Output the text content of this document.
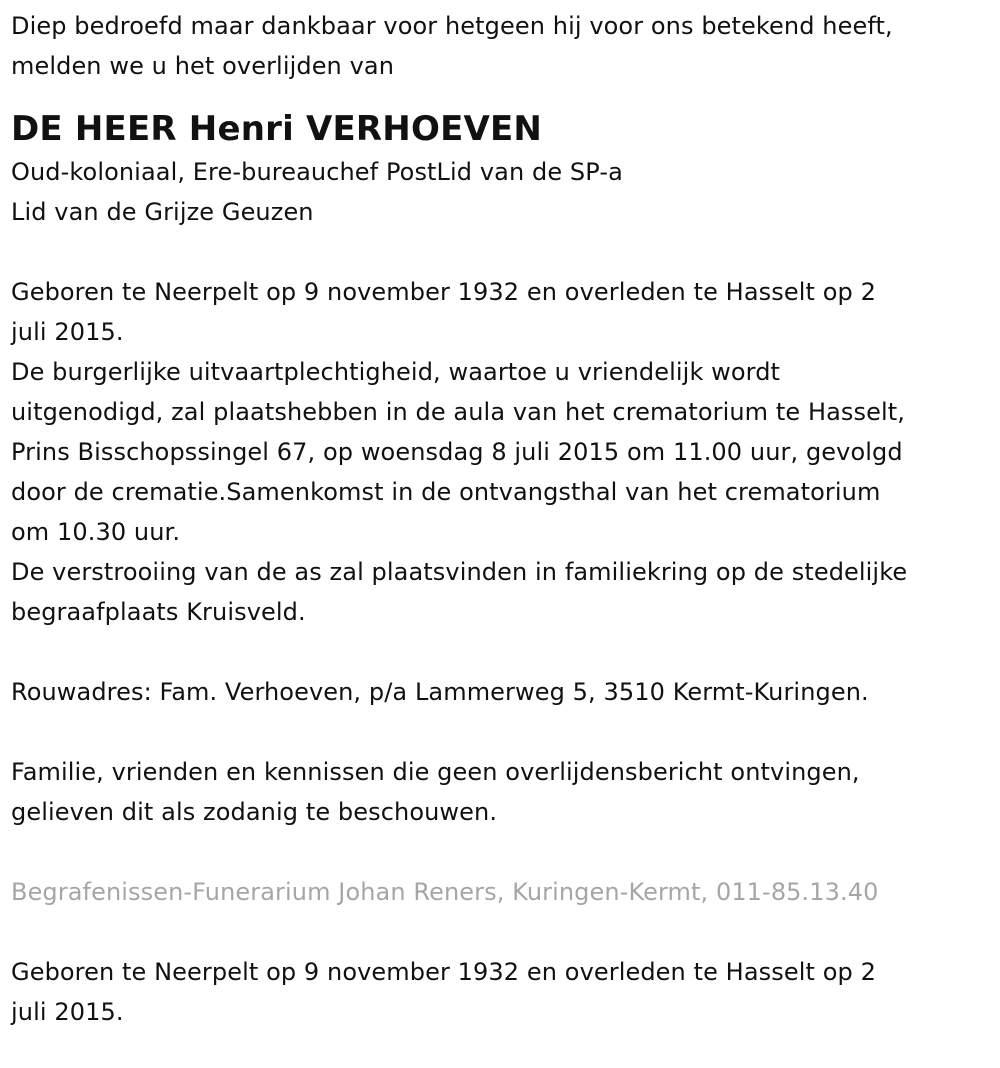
Diep bedroefd maar dankbaar voor hetgeen hij voor ons betekend heeft,

melden we u het overlijden van

DE HEER Henri VERHOEVEN

Oud-koloniaal, Ere-bureauchef PostLid van de SP-a

Lid van de Grijze Geuzen

Geboren te Neerpelt op 9 november 1932 en overleden te Hasselt op 2

juli 2015.

De burgerlijke uitvaartplechtigheid, waartoe u vriendelijk wordt

uitgenodigd, zal plaatshebben in de aula van het crematorium te Hasselt,

Prins Bisschopssingel 67, op woensdag 8 juli 2015 om 11.00 uur, gevolgd

door de crematie.Samenkomst in de ontvangsthal van het crematorium

om 10.30 uur.

De verstrooiing van de as zal plaatsvinden in familiekring op de stedelijke

begraafplaats Kruisveld.

Rouwadres: Fam. Verhoeven, p/a Lammerweg 5, 3510 Kermt-Kuringen.

Familie, vrienden en kennissen die geen overlijdensbericht ontvingen,

gelieven dit als zodanig te beschouwen.

Begrafenissen-Funerarium Johan Reners, Kuringen-Kermt, 011-85.13.40

Geboren te Neerpelt op 9 november 1932 en overleden te Hasselt op 2

juli 2015.
